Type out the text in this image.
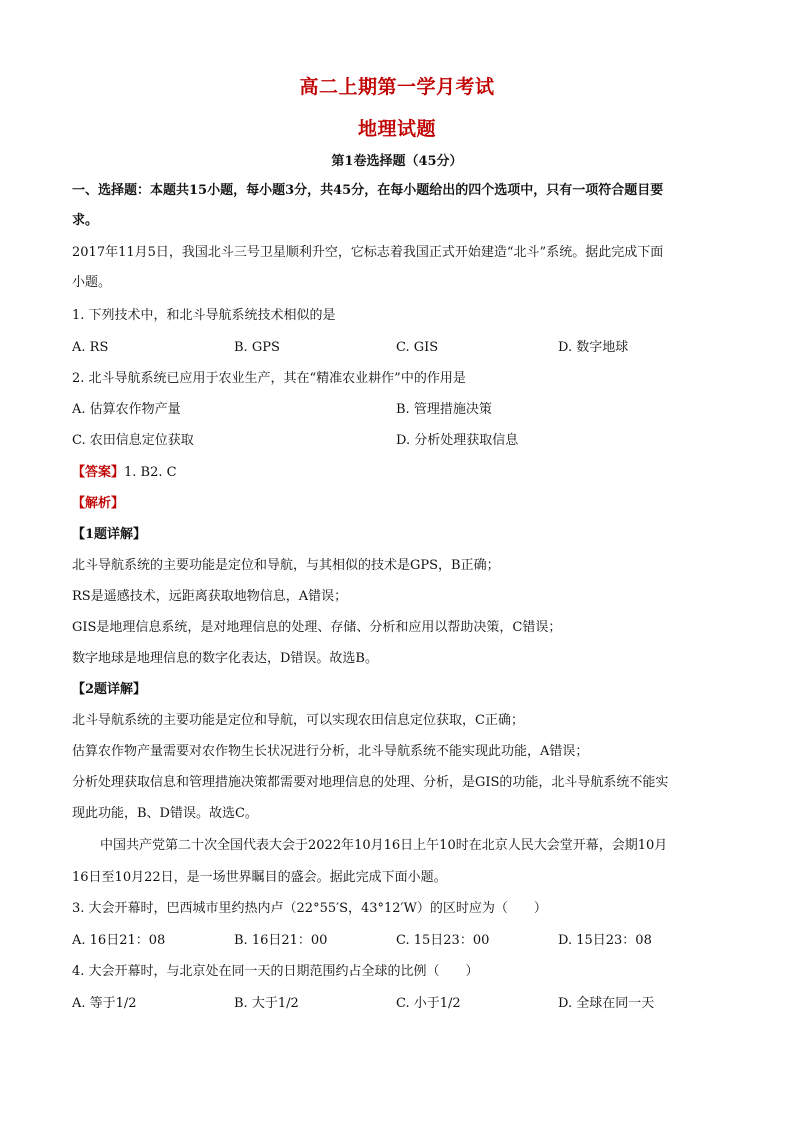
高二上期第一学月考试
地理试题
第1卷选择题（45分）
一、选择题：本题共15小题，每小题3分，共45分，在每小题给出的四个选项中，只有一项符合题目要
求。
2017年11月5日，我国北斗三号卫星顺利升空，它标志着我国正式开始建造“北斗”系统。据此完成下面
小题。
1. 下列技术中，和北斗导航系统技术相似的是
A. RS	B. GPS	C. GIS	D. 数字地球
2. 北斗导航系统已应用于农业生产，其在“精准农业耕作”中的作用是
A. 估算农作物产量	B. 管理措施决策
C. 农田信息定位获取	D. 分析处理获取信息
【答案】1. B2. C
【解析】
【1题详解】
北斗导航系统的主要功能是定位和导航，与其相似的技术是GPS，B正确；
RS是遥感技术，远距离获取地物信息，A错误；
GIS是地理信息系统，是对地理信息的处理、存储、分析和应用以帮助决策，C错误；
数字地球是地理信息的数字化表达，D错误。故选B。
【2题详解】
北斗导航系统的主要功能是定位和导航，可以实现农田信息定位获取，C正确；
估算农作物产量需要对农作物生长状况进行分析，北斗导航系统不能实现此功能，A错误；
分析处理获取信息和管理措施决策都需要对地理信息的处理、分析，是GIS的功能，北斗导航系统不能实
现此功能，B、D错误。故选C。
中国共产党第二十次全国代表大会于2022年10月16日上午10时在北京人民大会堂开幕，会期10月
16日至10月22日，是一场世界瞩目的盛会。据此完成下面小题。
3. 大会开幕时，巴西城市里约热内卢（22°55′S，43°12′W）的区时应为（　　）
A. 16日21：08	B. 16日21：00	C. 15日23：00	D. 15日23：08
4. 大会开幕时，与北京处在同一天的日期范围约占全球的比例（　　）
A. 等于1/2	B. 大于1/2	C. 小于1/2	D. 全球在同一天
